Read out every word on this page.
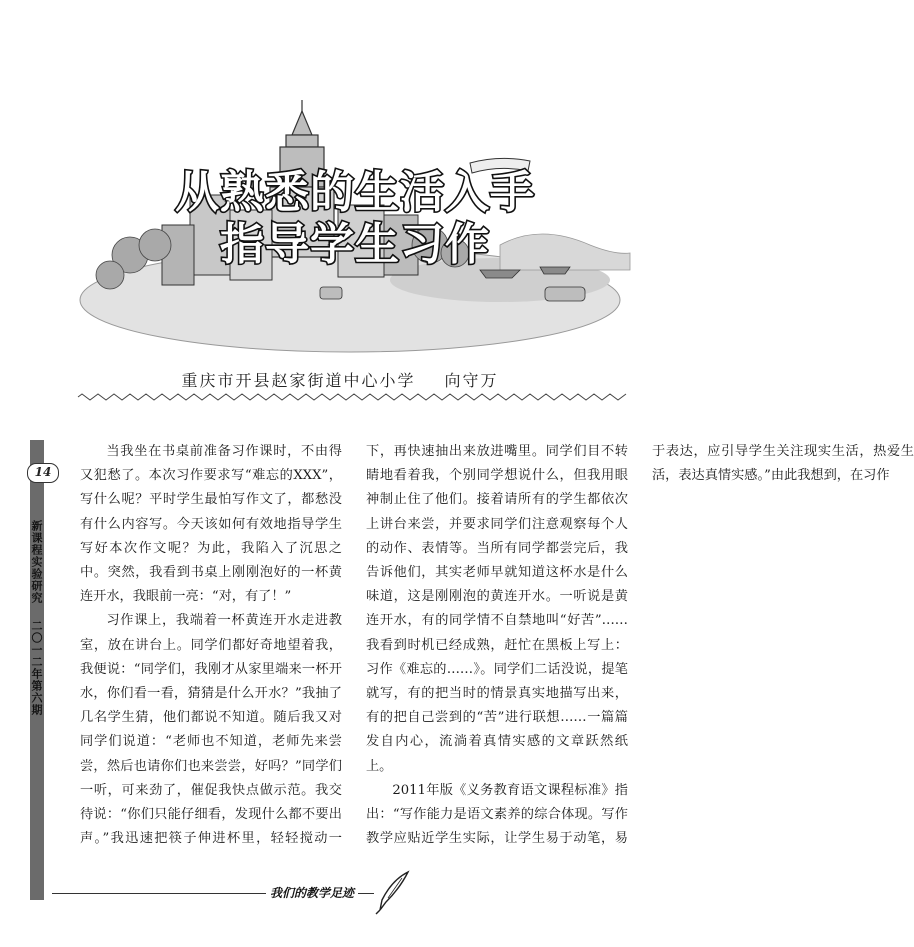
从熟悉的生活入手
指导学生习作
重庆市开县赵家街道中心小学 向守万
14
新课程实验研究
二〇一二年第六期

当我坐在书桌前准备习作课时，不由得又犯愁了。本次习作要求写“难忘的XXX”，写什么呢？平时学生最怕写作文了，都愁没有什么内容写。今天该如何有效地指导学生写好本次作文呢？为此，我陷入了沉思之中。突然，我看到书桌上刚刚泡好的一杯黄连开水，我眼前一亮：“对，有了！”

习作课上，我端着一杯黄连开水走进教室，放在讲台上。同学们都好奇地望着我，我便说：“同学们，我刚才从家里端来一杯开水，你们看一看，猜猜是什么开水？”我抽了几名学生猜，他们都说不知道。随后我又对同学们说道：“老师也不知道，老师先来尝尝，然后也请你们也来尝尝，好吗？”同学们一听，可来劲了，催促我快点做示范。我交待说：“你们只能仔细看，发现什么都不要出声。”我迅速把筷子伸进杯里，轻轻搅动一下，再快速抽出来放进嘴里。同学们目不转睛地看着我，个别同学想说什么，但我用眼神制止住了他们。接着请所有的学生都依次上讲台来尝，并要求同学们注意观察每个人的动作、表情等。当所有同学都尝完后，我告诉他们，其实老师早就知道这杯水是什么味道，这是刚刚泡的黄连开水。一听说是黄连开水，有的同学情不自禁地叫“好苦”……我看到时机已经成熟，赶忙在黑板上写上：习作《难忘的……》。同学们二话没说，提笔就写，有的把当时的情景真实地描写出来，有的把自己尝到的“苦”进行联想……一篇篇发自内心，流淌着真情实感的文章跃然纸上。

2011年版《义务教育语文课程标准》指出：“写作能力是语文素养的综合体现。写作教学应贴近学生实际，让学生易于动笔，易于表达，应引导学生关注现实生活，热爱生活，表达真情实感。”由此我想到，在习作

我们的教学足迹
